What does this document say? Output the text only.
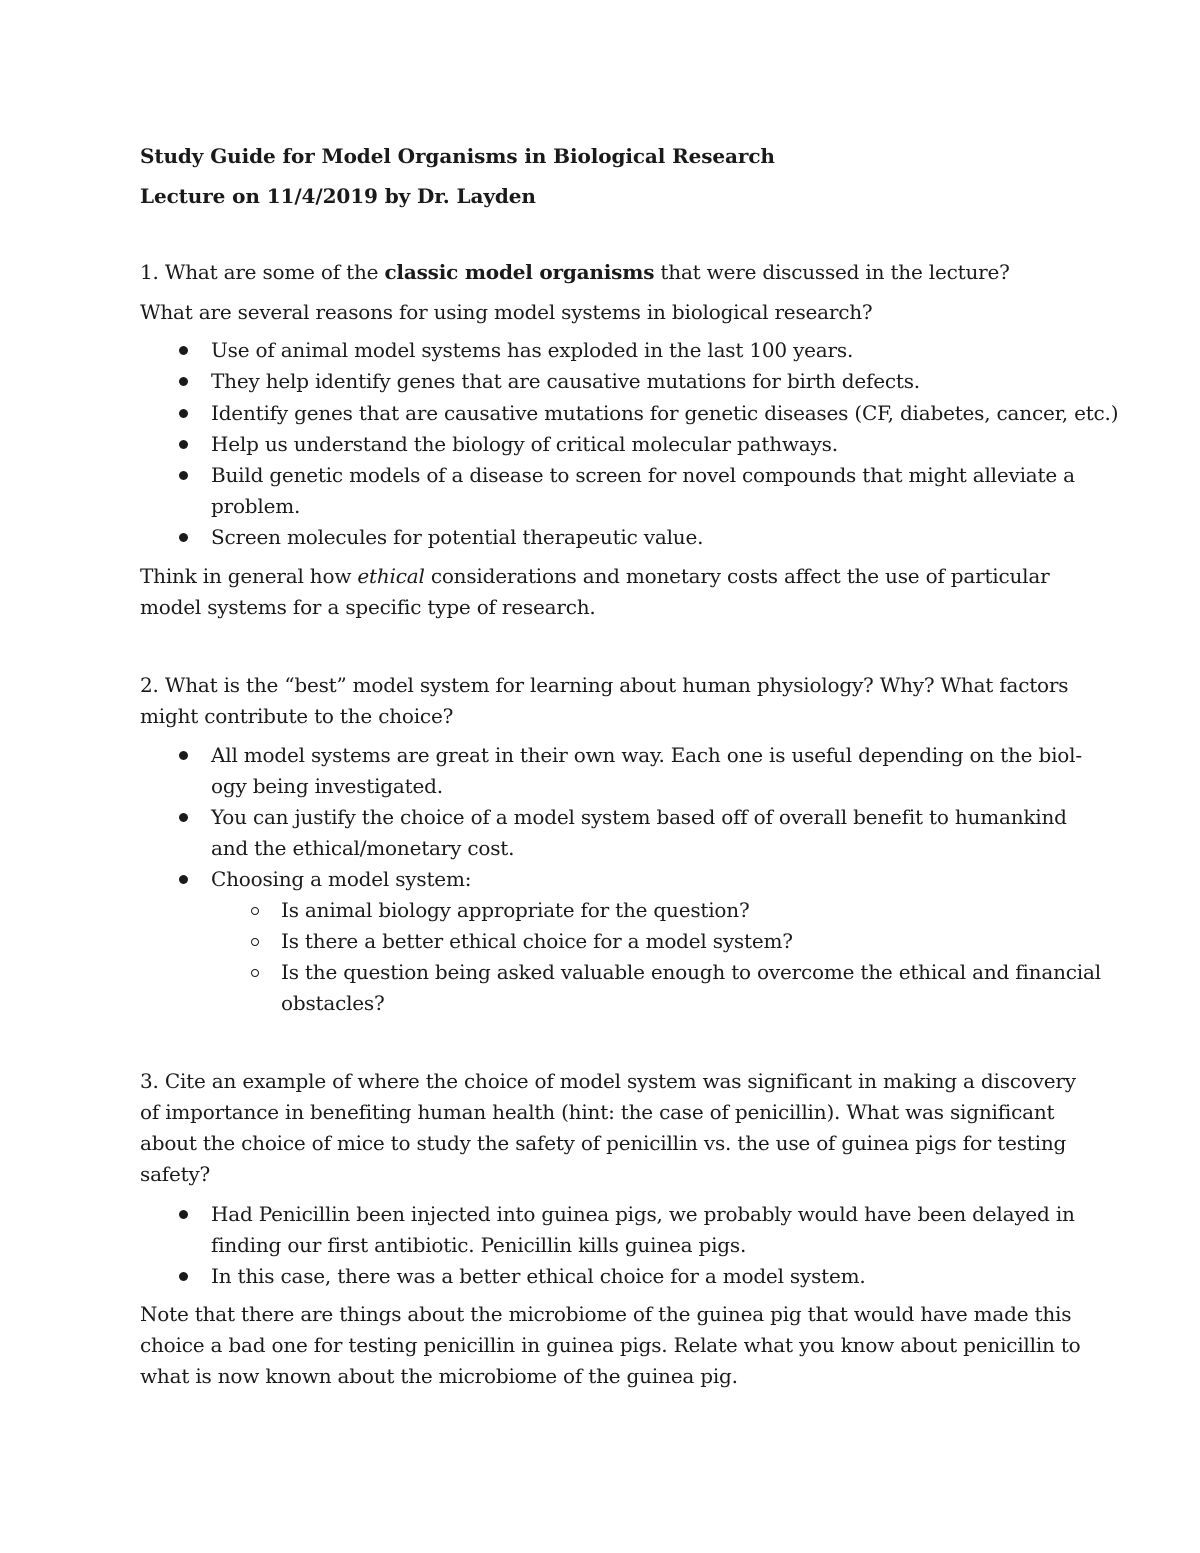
Study Guide for Model Organisms in Biological Research
Lecture on 11/4/2019 by Dr. Layden
1. What are some of the classic model organisms that were discussed in the lecture?
What are several reasons for using model systems in biological research?
Use of animal model systems has exploded in the last 100 years.
They help identify genes that are causative mutations for birth defects.
Identify genes that are causative mutations for genetic diseases (CF, diabetes, cancer, etc.)
Help us understand the biology of critical molecular pathways.
Build genetic models of a disease to screen for novel compounds that might alleviate a
problem.
Screen molecules for potential therapeutic value.
Think in general how ethical considerations and monetary costs affect the use of particular
model systems for a specific type of research.
2. What is the “best” model system for learning about human physiology? Why? What factors
might contribute to the choice?
All model systems are great in their own way. Each one is useful depending on the biol-
ogy being investigated.
You can justify the choice of a model system based off of overall benefit to humankind
and the ethical/monetary cost.
Choosing a model system:
Is animal biology appropriate for the question?
Is there a better ethical choice for a model system?
Is the question being asked valuable enough to overcome the ethical and financial
obstacles?
3. Cite an example of where the choice of model system was significant in making a discovery
of importance in benefiting human health (hint: the case of penicillin). What was significant
about the choice of mice to study the safety of penicillin vs. the use of guinea pigs for testing
safety?
Had Penicillin been injected into guinea pigs, we probably would have been delayed in
finding our first antibiotic. Penicillin kills guinea pigs.
In this case, there was a better ethical choice for a model system.
Note that there are things about the microbiome of the guinea pig that would have made this
choice a bad one for testing penicillin in guinea pigs. Relate what you know about penicillin to
what is now known about the microbiome of the guinea pig.
